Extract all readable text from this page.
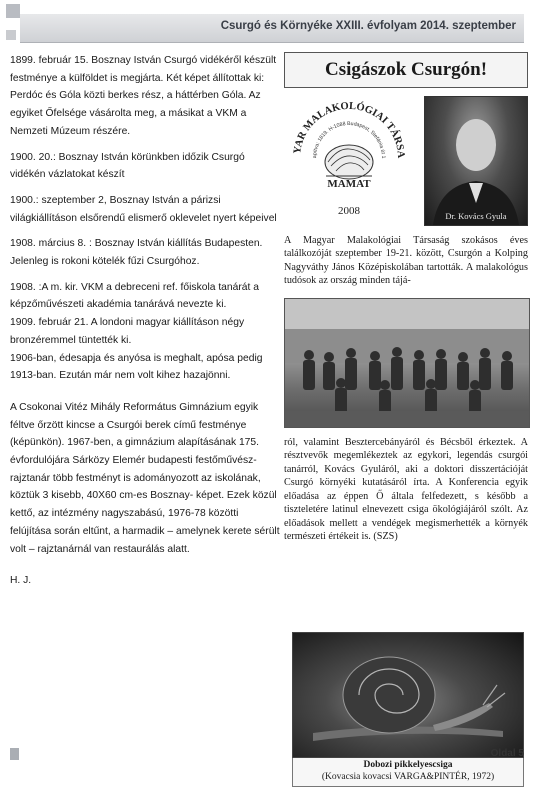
Csurgó és Környéke XXIII. évfolyam 2014. szeptember

1899. február 15. Bosznay István Csurgó vidékéről készült festménye a külföldet is megjárta. Két képet állítottak ki: Perdóc és Góla közti berkes rész, a háttérben Góla. Az egyiket Őfelsége vásárolta meg, a másikat a VKM a Nemzeti Múzeum részére.

1900. 20.: Bosznay István körünkben időzik Csurgó vidékén vázlatokat készít

1900.: szeptember 2, Bosznay István a párizsi világkiállításon elsőrendű elismerő oklevelet nyert képeivel

1908. március 8. : Bosznay István kiállítás Budapesten. Jelenleg is rokoni kötelék fűzi Csurgóhoz.

1908. :A m. kir. VKM a debreceni ref. főiskola tanárát a képzőművészeti akadémia tanárává nevezte ki.

1909. február 21. A londoni magyar kiállításon négy bronzéremmel tüntették ki.

1906-ban, édesapja és anyósa is meghalt, apósa pedig 1913-ban. Ezután már nem volt kihez hazajönni.

A Csokonai Vitéz Mihály Református Gimnázium egyik féltve őrzött kincse a Csurgói berek című festménye (képünkön). 1967-ben, a gimnázium alapításának 175. évfordulójára Sárközy Elemér budapesti festőművész- rajztanár több festményt is adományozott az iskolának, köztük 3 kisebb, 40X60 cm-es Bosznay- képet. Ezek közül kettő, az intézmény nagyszabású, 1976-78 közötti felújítása során eltűnt, a harmadik – amelynek kerete sérült volt – rajztanárnál van restaurálás alatt.

H. J.

Csigászok Csurgón!
YAR MALAKOLÓGIAI TÁRSA
apítva: 1819. H-1088 Budapest, Stefánia út 1
MAMAT
2008	Dr. Kovács Gyula

A Magyar Malakológiai Társaság szokásos éves találkozóját szeptember 19-21. között, Csurgón a Kolping Nagyváthy János Középiskolában tartották. A malakológus tudósok az ország minden tájá-

ról, valamint Besztercebányáról és Bécsből érkeztek. A résztvevők megemlékeztek az egykori, legendás csurgói tanárról, Kovács Gyuláról, aki a doktori disszertációját Csurgó környéki kutatásáról írta. A Konferencia egyik előadása az éppen Ő általa felfedezett, s később a tiszteletére latinul elnevezett csiga ökológiájáról szólt. Az előadások mellett a vendégek megismerhették a környék természeti értékeit is. (SZS)

Dobozi pikkelyescsiga
(Kovacsia kovacsi VARGA&PINTÉR, 1972)
Oldal 5
